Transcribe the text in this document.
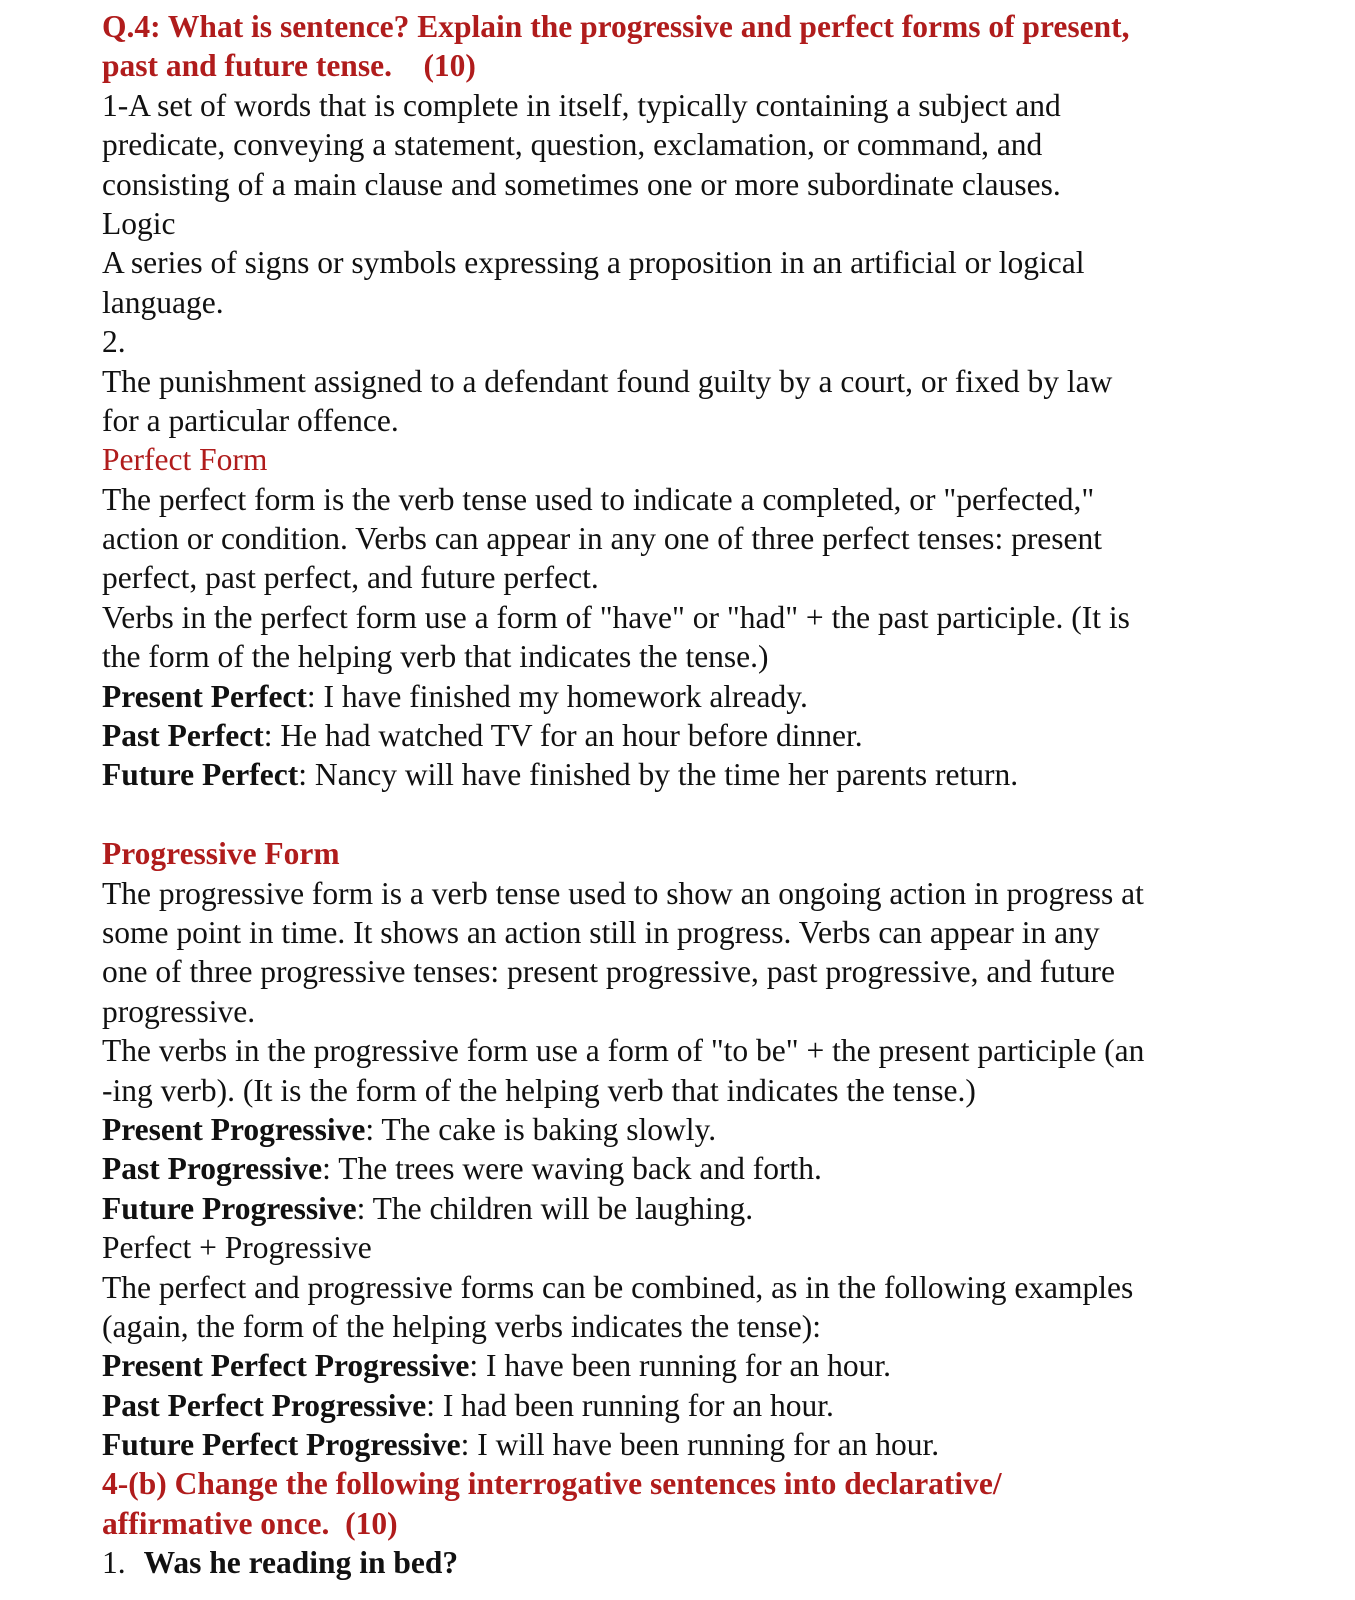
Q.4: What is sentence? Explain the progressive and perfect forms of present,
past and future tense.    (10)
1-A set of words that is complete in itself, typically containing a subject and
predicate, conveying a statement, question, exclamation, or command, and
consisting of a main clause and sometimes one or more subordinate clauses.
Logic
A series of signs or symbols expressing a proposition in an artificial or logical
language.
2.
The punishment assigned to a defendant found guilty by a court, or fixed by law
for a particular offence.
Perfect Form
The perfect form is the verb tense used to indicate a completed, or "perfected,"
action or condition. Verbs can appear in any one of three perfect tenses: present
perfect, past perfect, and future perfect.
Verbs in the perfect form use a form of "have" or "had" + the past participle. (It is
the form of the helping verb that indicates the tense.)
Present Perfect: I have finished my homework already.
Past Perfect: He had watched TV for an hour before dinner.
Future Perfect: Nancy will have finished by the time her parents return.
Progressive Form
The progressive form is a verb tense used to show an ongoing action in progress at
some point in time. It shows an action still in progress. Verbs can appear in any
one of three progressive tenses: present progressive, past progressive, and future
progressive.
The verbs in the progressive form use a form of "to be" + the present participle (an
-ing verb). (It is the form of the helping verb that indicates the tense.)
Present Progressive: The cake is baking slowly.
Past Progressive: The trees were waving back and forth.
Future Progressive: The children will be laughing.
Perfect + Progressive
The perfect and progressive forms can be combined, as in the following examples
(again, the form of the helping verbs indicates the tense):
Present Perfect Progressive: I have been running for an hour.
Past Perfect Progressive: I had been running for an hour.
Future Perfect Progressive: I will have been running for an hour.
4-(b) Change the following interrogative sentences into declarative/
affirmative once.  (10)
1. Was he reading in bed?
